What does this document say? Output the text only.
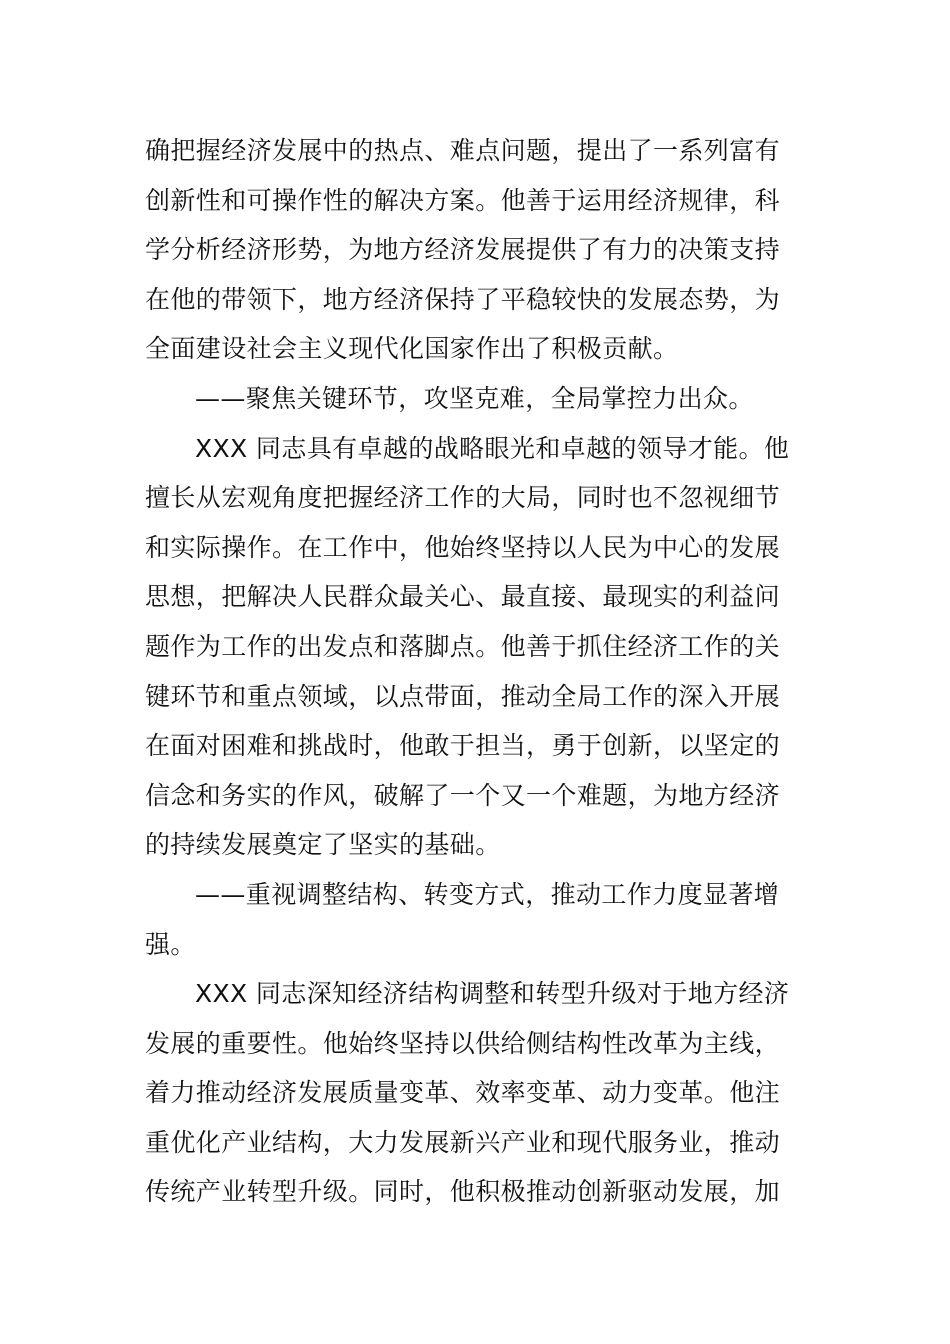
确把握经济发展中的热点、难点问题，提出了一系列富有
创新性和可操作性的解决方案。他善于运用经济规律，科
学分析经济形势，为地方经济发展提供了有力的决策支持
在他的带领下，地方经济保持了平稳较快的发展态势，为
全面建设社会主义现代化国家作出了积极贡献。
——聚焦关键环节，攻坚克难，全局掌控力出众。
XXX 同志具有卓越的战略眼光和卓越的领导才能。他
擅长从宏观角度把握经济工作的大局，同时也不忽视细节
和实际操作。在工作中，他始终坚持以人民为中心的发展
思想，把解决人民群众最关心、最直接、最现实的利益问
题作为工作的出发点和落脚点。他善于抓住经济工作的关
键环节和重点领域，以点带面，推动全局工作的深入开展
在面对困难和挑战时，他敢于担当，勇于创新，以坚定的
信念和务实的作风，破解了一个又一个难题，为地方经济
的持续发展奠定了坚实的基础。
——重视调整结构、转变方式，推动工作力度显著增
强。
XXX 同志深知经济结构调整和转型升级对于地方经济
发展的重要性。他始终坚持以供给侧结构性改革为主线，
着力推动经济发展质量变革、效率变革、动力变革。他注
重优化产业结构，大力发展新兴产业和现代服务业，推动
传统产业转型升级。同时，他积极推动创新驱动发展，加
